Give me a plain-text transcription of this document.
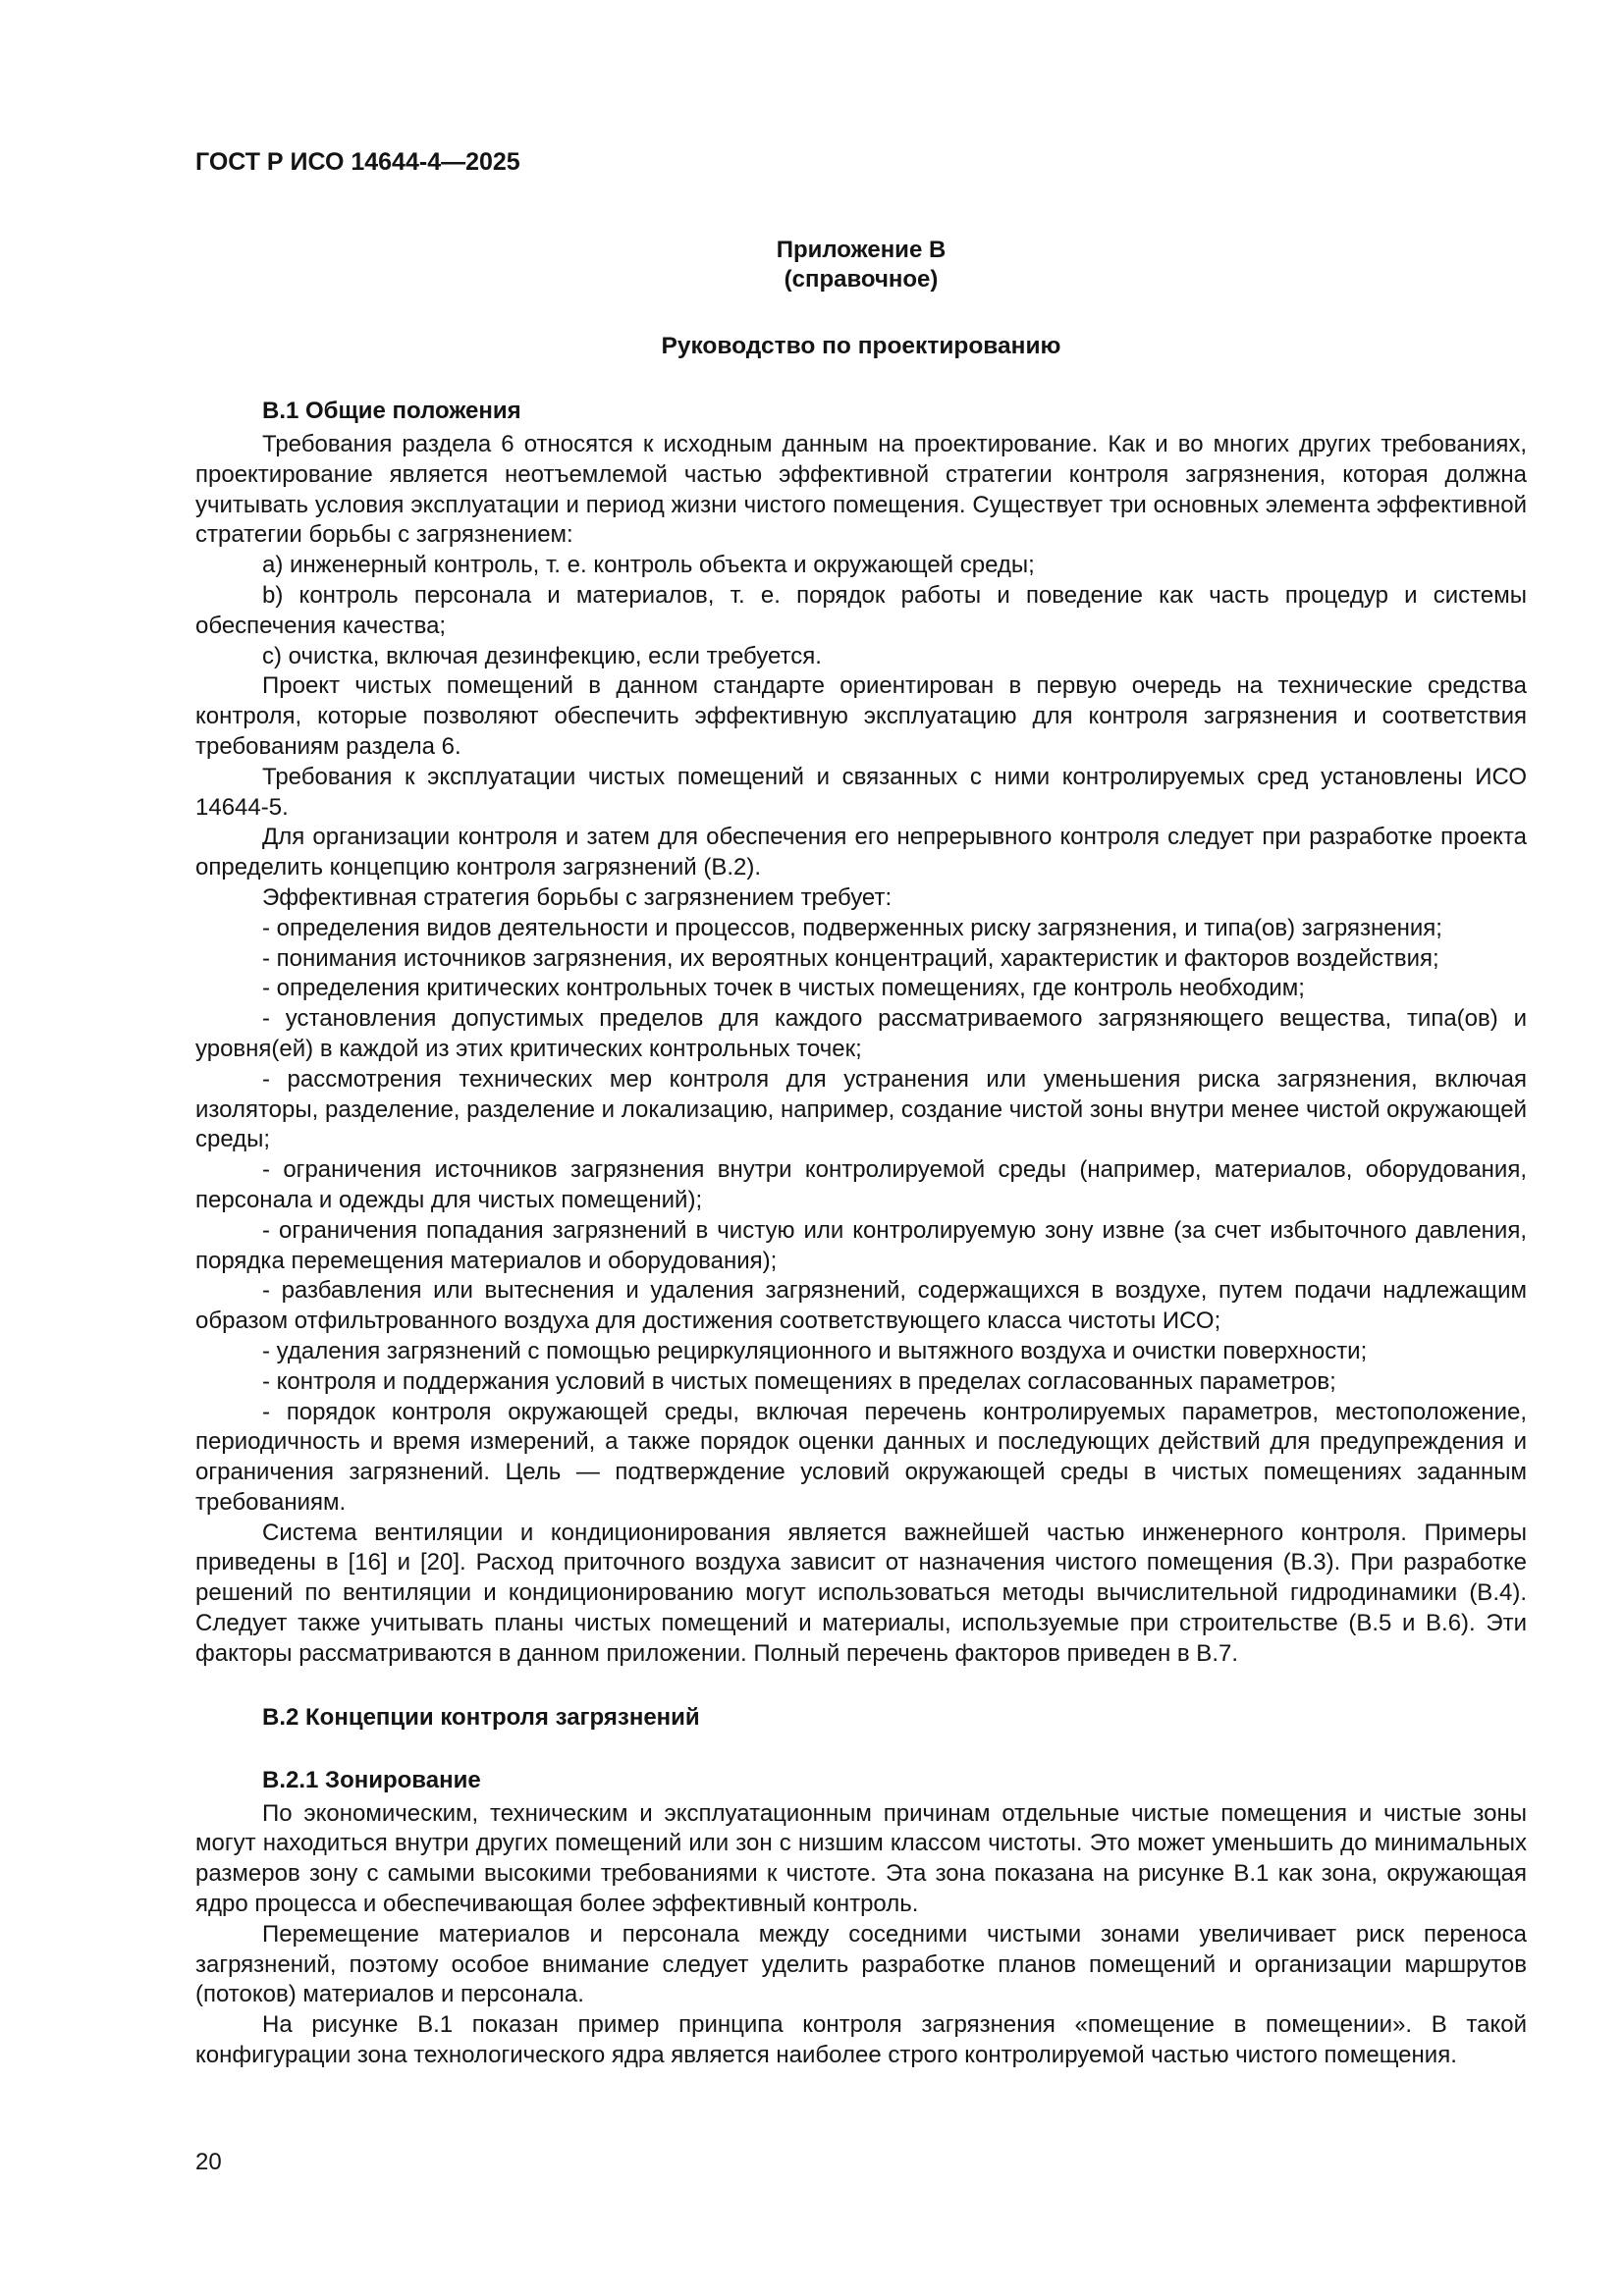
ГОСТ Р ИСО 14644-4—2025
Приложение В
(справочное)
Руководство по проектированию
В.1 Общие положения

Требования раздела 6 относятся к исходным данным на проектирование. Как и во многих других требованиях, проектирование является неотъемлемой частью эффективной стратегии контроля загрязнения, которая должна учитывать условия эксплуатации и период жизни чистого помещения. Существует три основных элемента эффективной стратегии борьбы с загрязнением:

a) инженерный контроль, т. е. контроль объекта и окружающей среды;

b) контроль персонала и материалов, т. е. порядок работы и поведение как часть процедур и системы обеспечения качества;

с) очистка, включая дезинфекцию, если требуется.

Проект чистых помещений в данном стандарте ориентирован в первую очередь на технические средства контроля, которые позволяют обеспечить эффективную эксплуатацию для контроля загрязнения и соответствия требованиям раздела 6.

Требования к эксплуатации чистых помещений и связанных с ними контролируемых сред установлены ИСО 14644-5.

Для организации контроля и затем для обеспечения его непрерывного контроля следует при разработке проекта определить концепцию контроля загрязнений (В.2).

Эффективная стратегия борьбы с загрязнением требует:

- определения видов деятельности и процессов, подверженных риску загрязнения, и типа(ов) загрязнения;

- понимания источников загрязнения, их вероятных концентраций, характеристик и факторов воздействия;

- определения критических контрольных точек в чистых помещениях, где контроль необходим;

- установления допустимых пределов для каждого рассматриваемого загрязняющего вещества, типа(ов) и уровня(ей) в каждой из этих критических контрольных точек;

- рассмотрения технических мер контроля для устранения или уменьшения риска загрязнения, включая изоляторы, разделение, разделение и локализацию, например, создание чистой зоны внутри менее чистой окружающей среды;

- ограничения источников загрязнения внутри контролируемой среды (например, материалов, оборудования, персонала и одежды для чистых помещений);

- ограничения попадания загрязнений в чистую или контролируемую зону извне (за счет избыточного давления, порядка перемещения материалов и оборудования);

- разбавления или вытеснения и удаления загрязнений, содержащихся в воздухе, путем подачи надлежащим образом отфильтрованного воздуха для достижения соответствующего класса чистоты ИСО;

- удаления загрязнений с помощью рециркуляционного и вытяжного воздуха и очистки поверхности;

- контроля и поддержания условий в чистых помещениях в пределах согласованных параметров;

- порядок контроля окружающей среды, включая перечень контролируемых параметров, местоположение, периодичность и время измерений, а также порядок оценки данных и последующих действий для предупреждения и ограничения загрязнений. Цель — подтверждение условий окружающей среды в чистых помещениях заданным требованиям.

Система вентиляции и кондиционирования является важнейшей частью инженерного контроля. Примеры приведены в [16] и [20]. Расход приточного воздуха зависит от назначения чистого помещения (В.3). При разработке решений по вентиляции и кондиционированию могут использоваться методы вычислительной гидродинамики (В.4). Следует также учитывать планы чистых помещений и материалы, используемые при строительстве (В.5 и В.6). Эти факторы рассматриваются в данном приложении. Полный перечень факторов приведен в В.7.

В.2 Концепции контроля загрязнений
В.2.1 Зонирование

По экономическим, техническим и эксплуатационным причинам отдельные чистые помещения и чистые зоны могут находиться внутри других помещений или зон с низшим классом чистоты. Это может уменьшить до минимальных размеров зону с самыми высокими требованиями к чистоте. Эта зона показана на рисунке В.1 как зона, окружающая ядро процесса и обеспечивающая более эффективный контроль.

Перемещение материалов и персонала между соседними чистыми зонами увеличивает риск переноса загрязнений, поэтому особое внимание следует уделить разработке планов помещений и организации маршрутов (потоков) материалов и персонала.

На рисунке В.1 показан пример принципа контроля загрязнения «помещение в помещении». В такой конфигурации зона технологического ядра является наиболее строго контролируемой частью чистого помещения.

20
